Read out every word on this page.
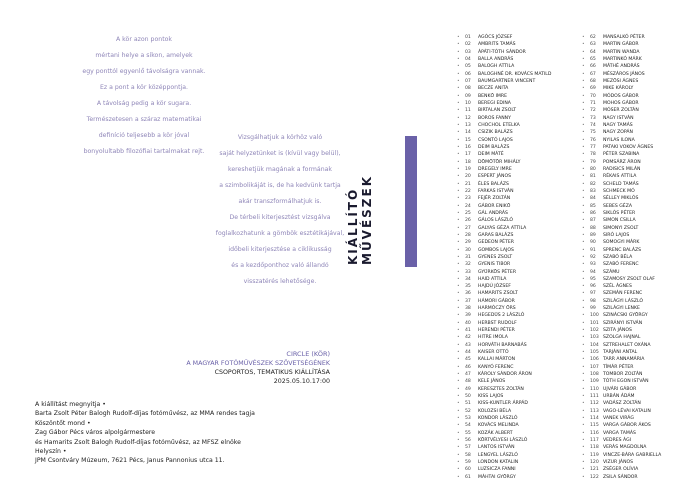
A kör azon pontok
mértani helye a síkon, amelyek
egy ponttól egyenlő távolságra vannak.
Ez a pont a kör középpontja.
A távolság pedig a kör sugara.
Természetesen a száraz matematikai
definíció teljesebb a kör jóval
bonyolultabb filozófiai tartalmakat rejt.
Vizsgálhatjuk a körhöz való
saját helyzetünket is (kívül vagy belül),
kereshetjük magának a formának
a szimbolikáját is, de ha kedvünk tartja
akár transzformálhatjuk is.
De térbeli kiterjesztést vizsgálva
foglalkozhatunk a gömbök esztétikájával,
időbeli kiterjesztése a ciklikusság
és a kezdőponthoz való állandó
visszatérés lehetősége.
KIÁLLÍTÓ MŰVÉSZEK
CIRCLE (KÖR)
A MAGYAR FOTÓMŰVÉSZEK SZÖVETSÉGÉNEK
CSOPORTOS, TEMATIKUS KIÁLLÍTÁSA
2025.05.10.17:00
A kiállítást megnyitja •
Barta Zsolt Péter Balogh Rudolf-díjas fotóművész, az MMA rendes tagja
Köszöntőt mond •
Zag Gábor Pécs város alpolgármestere
és Hamarits Zsolt Balogh Rudolf-díjas fotóművész, az MFSZ elnöke
Helyszín •
JPM Csontváry Múzeum, 7621 Pécs, Janus Pannonius utca 11.
•	01	AGÓCS JÓZSEF
•	02	AMBRITS TAMÁS
•	03	ÁPÁTI-TÓTH SÁNDOR
•	04	BALLA ANDRÁS
•	05	BALOGH ATTILA
•	06	BALOGHNÉ DR. KOVÁCS MATILD
•	07	BAUMGARTNER VINCENT
•	08	BECZE ANITA
•	09	BENKŐ IMRE
•	10	BEREGI EDINA
•	11	BIRTALAN ZSOLT
•	12	BOROS FANNY
•	13	CHOCHOL ETELKA
•	14	CSIZIK BALÁZS
•	15	CSONTÓ LAJOS
•	16	DEIM BALÁZS
•	17	DEIM MÁTÉ
•	18	DÖMÖTÖR MIHÁLY
•	19	DREGELY IMRE
•	20	ESPERT JÁNOS
•	21	ÉLES BALÁZS
•	22	FARKAS ISTVÁN
•	23	FEJÉR ZOLTÁN
•	24	GÁBOR ENIKŐ
•	25	GÁL ANDRÁS
•	26	GÁLOS LÁSZLÓ
•	27	GALYAS GÉZA ATTILA
•	28	GARAS BALÁZS
•	29	GEDEON PÉTER
•	30	GOMBOS LAJOS
•	31	GYENES ZSOLT
•	32	GYENIS TIBOR
•	33	GYÜRKÖS PÉTER
•	34	HAID ATTILA
•	35	HAJDÚ JÓZSEF
•	36	HAMARITS ZSOLT
•	37	HÁMORI GÁBOR
•	38	HARMÓCZY ÖRS
•	39	HEGEDŰS 2 LÁSZLÓ
•	40	HERBST RUDOLF
•	41	HERENDI PÉTER
•	42	HITRE IMOLA
•	43	HORVÁTH BARNABÁS
•	44	KAISER OTTÓ
•	45	KALLAI MÁRTON
•	46	KANYÓ FERENC
•	47	KÁROLY SÁNDOR ÁRON
•	48	KELE JÁNOS
•	49	KERESZTES ZOLTÁN
•	50	KISS LAJOS
•	51	KISS-KUNTLER ÁRPÁD
•	52	KOLOZSI BÉLA
•	53	KONDOR LÁSZLÓ
•	54	KOVÁCS MELINDA
•	55	KOZÁK ALBERT
•	56	KÖRTVÉLYESI LÁSZLÓ
•	57	LANTOS ISTVÁN
•	58	LENGYEL LÁSZLÓ
•	59	LONDON KATALIN
•	60	LUZSICZA FANNI
•	61	MÁHTAI GYÖRGY
•	62	MANSALKÓ PÉTER
•	63	MARTIN GÁBOR
•	64	MARTIN WANDA
•	65	MARTINKÓ MÁRK
•	66	MÁTHÉ ANDRÁS
•	67	MÉSZÁROS JÁNOS
•	68	MEZŐSI ÁGNES
•	69	MIKE KÁROLY
•	70	MÓDOS GÁBOR
•	71	MOHOS GÁBOR
•	72	MÓSER ZOLTÁN
•	73	NAGY ISTVÁN
•	74	NAGY TAMÁS
•	75	NAGY ZOPÁN
•	76	NYILAS ILONA
•	77	PATAKI VOKOV ÁGNES
•	78	PÉTER SZABINA
•	79	POMSÁRZ ÁRON
•	80	RADISICS MILÁN
•	81	RÉKAIS ATTILA
•	82	SCHELD TAMÁS
•	83	SCHMECK MÓ
•	84	SÉLLEY MIKLÓS
•	85	SEBES GÉZA
•	86	SIKLÓS PÉTER
•	87	SIMON CSILLA
•	88	SIMONYI ZSOLT
•	89	SIRÓ LAJOS
•	90	SOMOGYI MÁRK
•	91	SPRENC BALÁZS
•	92	SZABÓ BÉLA
•	93	SZABÓ FERENC
•	94	SZÁMU
•	95	SZAMOSY ZSOLT OLAF
•	96	SZÉL ÁGNES
•	97	SZEMÁN FERENC
•	98	SZILÁGYI LÁSZLÓ
•	99	SZILÁGYI LENKE
•	100 SZINÁCSKI GYÖRGY
•	101 SZIRÁNYI ISTVÁN
•	102 SZITA JÁNOS
•	103 SZOLGA HAJNAL
•	104 SZTREHALET OXÁNA
•	105 TARJÁNI ANTAL
•	106 TARR ANNAMÁRIA
•	107 TÍMÁR PÉTER
•	108 TOMBOR ZOLTÁN
•	109 TÓTH EGON ISTVÁN
•	110 UJVÁRI GÁBOR
•	111 URBÁN ÁDÁM
•	112 VADÁSZ ZOLTÁN
•	113 VAGO-LÉVAI KATALIN
•	114 VANEK VIRÁG
•	115 VARGA GÁBOR ÁKOS
•	116 VARGA TAMÁS
•	117 VEDRES ÁGI
•	118 VERÁS MAGDOLNA
•	119 VINCZE-BÁRA GABRIELLA
•	120 VIZUR JÁNOS
•	121 ZSÉGER OLÍVIA
•	122 ZSILA SÁNDOR
